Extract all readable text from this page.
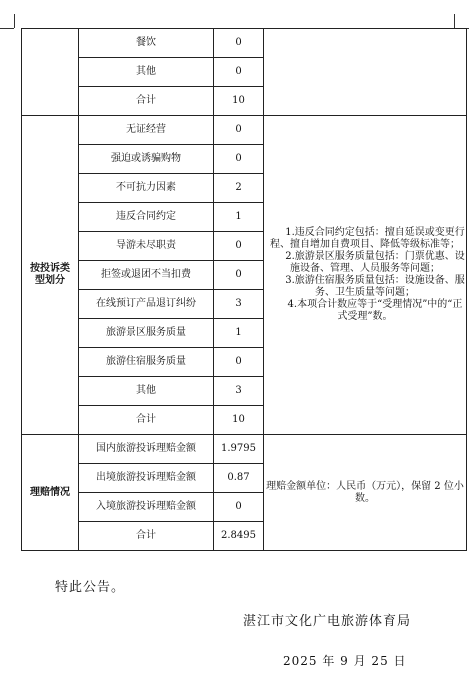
	餐饮	0	
	其他	0	
	合计	10	
按投诉类型划分	无证经营	0	1.违反合同约定包括：擅自延误或变更行程、擅自增加自费项目、降低等级标准等；

2.旅游景区服务质量包括：门票优惠、设施设备、管理、人员服务等问题；

3.旅游住宿服务质量包括：设施设备、服务、卫生质量等问题；

4.本项合计数应等于“受理情况”中的“正式受理”数。

	强迫或诱骗购物	0	
	不可抗力因素	2	
	违反合同约定	1	
	导游未尽职责	0	
	拒签或退团不当扣费	0	
	在线预订产品退订纠纷	3	
	旅游景区服务质量	1	
	旅游住宿服务质量	0	
	其他	3	
	合计	10	
理赔情况	国内旅游投诉理赔金额	1.9795	理赔金额单位：人民币（万元），保留 2 位小数。
	出境旅游投诉理赔金额	0.87	
	入境旅游投诉理赔金额	0	
	合计	2.8495	
特此公告。
湛江市文化广电旅游体育局
2025 年 9 月 25 日
